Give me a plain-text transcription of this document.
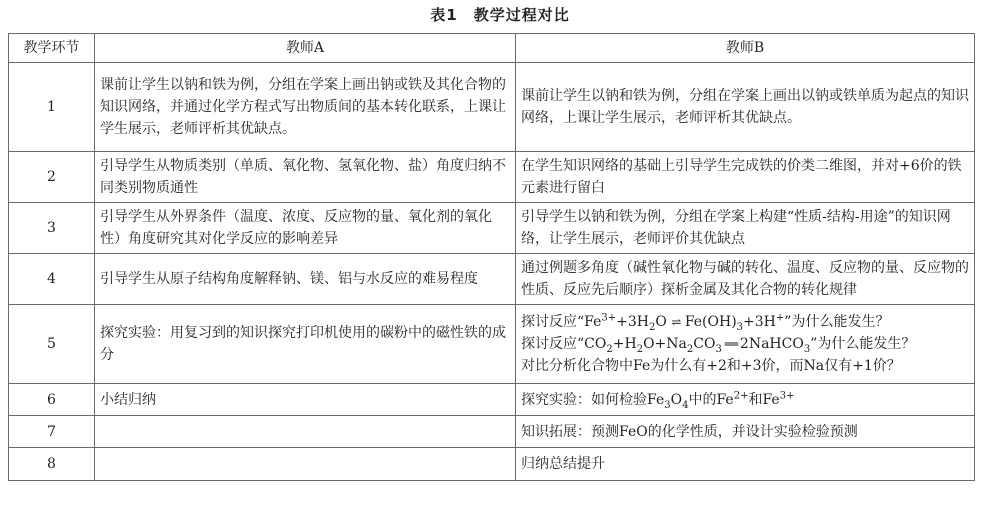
表1　教学过程对比
教学环节	教师A	教师B
1	课前让学生以钠和铁为例，分组在学案上画出钠或铁及其化合物的知识网络，并通过化学方程式写出物质间的基本转化联系，上课让学生展示，老师评析其优缺点。	课前让学生以钠和铁为例，分组在学案上画出以钠或铁单质为起点的知识网络，上课让学生展示，老师评析其优缺点。
2	引导学生从物质类别（单质、氧化物、氢氧化物、盐）角度归纳不同类别物质通性	在学生知识网络的基础上引导学生完成铁的价类二维图，并对+6价的铁元素进行留白
3	引导学生从外界条件（温度、浓度、反应物的量、氧化剂的氧化性）角度研究其对化学反应的影响差异	引导学生以钠和铁为例，分组在学案上构建“性质-结构-用途”的知识网络，让学生展示，老师评价其优缺点
4	引导学生从原子结构角度解释钠、镁、铝与水反应的难易程度	通过例题多角度（碱性氧化物与碱的转化、温度、反应物的量、反应物的性质、反应先后顺序）探析金属及其化合物的转化规律
5	探究实验：用复习到的知识探究打印机使用的碳粉中的磁性铁的成分	探讨反应“$Fe^{3+}+3H_2O$ ⇌ $Fe(OH)_3+3H^+$”为什么能发生？
探讨反应“$CO_2+H_2O+Na_2CO_3$ ══ 2NaHCO$_3$”为什么能发生？
对比分析化合物中Fe为什么有+2和+3价，而Na仅有+1价？

6	小结归纳	探究实验：如何检验$Fe_3O_4$中的$Fe^{2+}$和$Fe^{3+}$
7		知识拓展：预测FeO的化学性质，并设计实验检验预测
8		归纳总结提升
